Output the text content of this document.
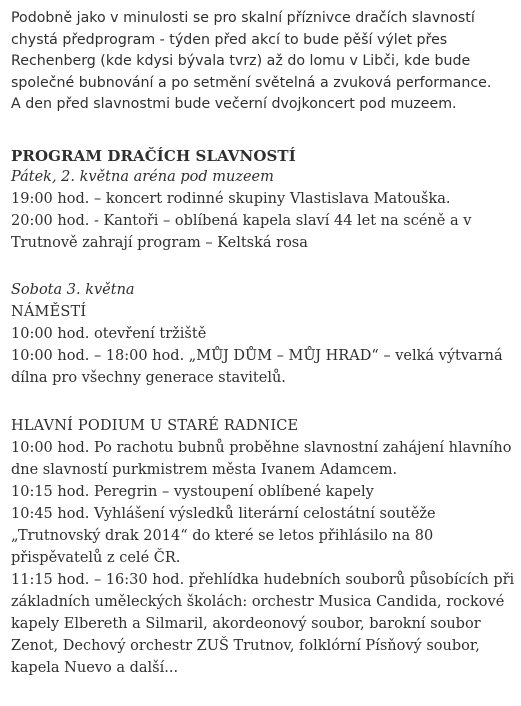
Podobně jako v minulosti se pro skalní příznivce dračích slavností

chystá předprogram - týden před akcí to bude pěší výlet přes

Rechenberg (kde kdysi bývala tvrz) až do lomu v Libči, kde bude

společné bubnování a po setmění světelná a zvuková performance.

A den před slavnostmi bude večerní dvojkoncert pod muzeem.

PROGRAM DRAČÍCH SLAVNOSTÍ

Pátek, 2. května aréna pod muzeem

19:00 hod. – koncert rodinné skupiny Vlastislava Matouška.

20:00 hod. - Kantoři – oblíbená kapela slaví 44 let na scéně a v

Trutnově zahrají program – Keltská rosa

Sobota 3. května

NÁMĚSTÍ

10:00 hod. otevření tržiště

10:00 hod. – 18:00 hod. „MŮJ DŮM – MŮJ HRAD“ – velká výtvarná

dílna pro všechny generace stavitelů.

HLAVNÍ PODIUM U STARÉ RADNICE

10:00 hod. Po rachotu bubnů proběhne slavnostní zahájení hlavního

dne slavností purkmistrem města Ivanem Adamcem.

10:15 hod. Peregrin – vystoupení oblíbené kapely

10:45 hod. Vyhlášení výsledků literární celostátní soutěže

„Trutnovský drak 2014“ do které se letos přihlásilo na 80

přispěvatelů z celé ČR.

11:15 hod. – 16:30 hod. přehlídka hudebních souborů působících při

základních uměleckých školách: orchestr Musica Candida, rockové

kapely Elbereth a Silmaril, akordeonový soubor, barokní soubor

Zenot, Dechový orchestr ZUŠ Trutnov, folklórní Písňový soubor,

kapela Nuevo a další...
